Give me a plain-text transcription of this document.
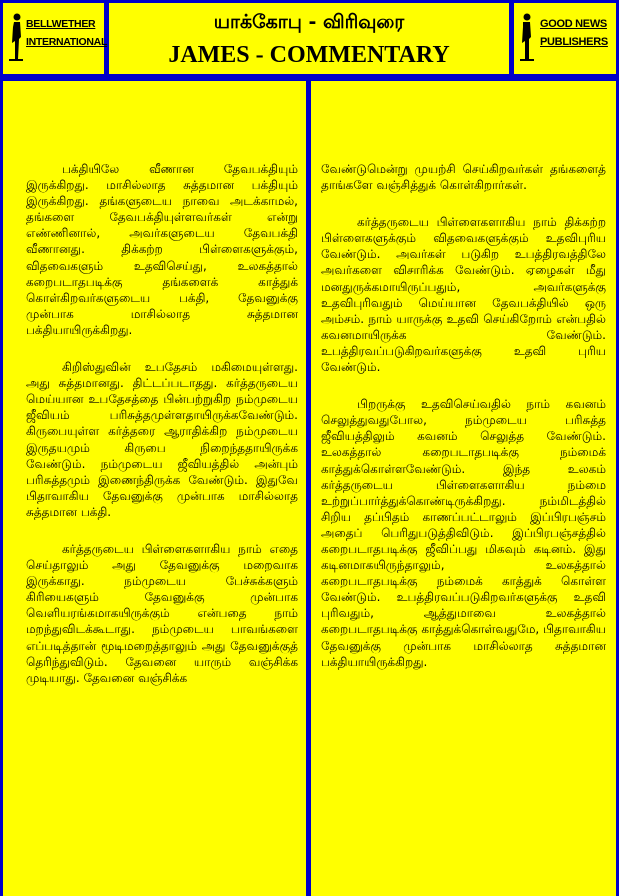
BELLWETHER
INTERNATIONAL
யாக்கோபு - விரிவுரை
JAMES - COMMENTARY
GOOD NEWS
PUBLISHERS

பக்தியிலே வீணான தேவபக்தியும் இருக்கிறது. மாசில்லாத சுத்தமான பக்தியும் இருக்கிறது. தங்களுடைய நாவை அடக்காமல், தங்களை தேவபக்தியுள்ளவர்கள் என்று எண்ணினால், அவர்களுடைய தேவபக்தி வீணானது. திக்கற்ற பிள்ளைகளுக்கும், விதவைகளும் உதவிசெய்து, உலகத்தால் கறைபடாதபடிக்கு தங்களைக் காத்துக் கொள்கிறவர்களுடைய பக்தி, தேவனுக்கு முன்பாக மாசில்லாத சுத்தமான பக்தியாயிருக்கிறது.

கிறிஸ்துவின் உபதேசம் மகிமையுள்ளது. அது சுத்தமானது. திட்டப்படாதது. கர்த்தருடைய மெய்யான உபதேசத்தை பின்பற்றுகிற நம்முடைய ஜீவியம் பரிசுத்தமுள்ளதாயிருக்கவேண்டும். கிருபையுள்ள கர்த்தரை ஆராதிக்கிற நம்முடைய இருதயமும் கிருபை நிறைந்ததாயிருக்க வேண்டும். நம்முடைய ஜீவியத்தில் அன்பும் பரிசுத்தமும் இணைந்திருக்க வேண்டும். இதுவே பிதாவாகிய தேவனுக்கு முன்பாக மாசில்லாத சுத்தமான பக்தி.

கர்த்தருடைய பிள்ளைகளாகிய நாம் எதை செய்தாலும் அது தேவனுக்கு மறைவாக இருக்காது. நம்முடைய பேச்சுக்களும் கிரியைகளும் தேவனுக்கு முன்பாக வெளியரங்கமாகயிருக்கும் என்பதை நாம் மறந்துவிடக்கூடாது. நம்முடைய பாவங்களை எப்படித்தான் மூடிமறைத்தாலும் அது தேவனுக்குத் தெரிந்துவிடும். தேவனை யாரும் வஞ்சிக்க முடியாது. தேவனை வஞ்சிக்க

வேண்டுமென்று முயற்சி செய்கிறவர்கள் தங்களைத் தாங்களே வஞ்சித்துக் கொள்கிறார்கள்.

கர்த்தருடைய பிள்ளைகளாகிய நாம் திக்கற்ற பிள்ளைகளுக்கும் விதவைகளுக்கும் உதவிபுரிய வேண்டும். அவர்கள் படுகிற உபத்திரவத்திலே அவர்களை விசாரிக்க வேண்டும். ஏழைகள் மீது மனதுருக்கமாயிருப்பதும், அவர்களுக்கு உதவிபுரிவதும் மெய்யான தேவபக்தியில் ஒரு அம்சம். நாம் யாருக்கு உதவி செய்கிறோம் என்பதில் கவனமாயிருக்க வேண்டும். உபத்திரவப்படுகிறவர்களுக்கு உதவி புரிய வேண்டும்.

பிறருக்கு உதவிசெய்வதில் நாம் கவனம் செலுத்துவதுபோல, நம்முடைய பரிசுத்த ஜீவியத்திலும் கவனம் செலுத்த வேண்டும். உலகத்தால் கறைபடாதபடிக்கு நம்மைக் காத்துக்கொள்ளவேண்டும். இந்த உலகம் கர்த்தருடைய பிள்ளைகளாகிய நம்மை உற்றுப்பார்த்துக்கொண்டிருக்கிறது. நம்மிடத்தில் சிறிய தப்பிதம் காணப்பட்டாலும் இப்பிரபஞ்சம் அதைப் பெரிதுபடுத்திவிடும். இப்பிரபஞ்சத்தில் கறைபடாதபடிக்கு ஜீவிப்பது மிகவும் கடினம். இது கடினமாகயிருந்தாலும், உலகத்தால் கறைபடாதபடிக்கு நம்மைக் காத்துக் கொள்ள வேண்டும். உபத்திரவப்படுகிறவர்களுக்கு உதவி புரிவதும், ஆத்துமாவை உலகத்தால் கறைபடாதபடிக்கு காத்துக்கொள்வதுமே, பிதாவாகிய தேவனுக்கு முன்பாக மாசில்லாத சுத்தமான பக்தியாயிருக்கிறது.
